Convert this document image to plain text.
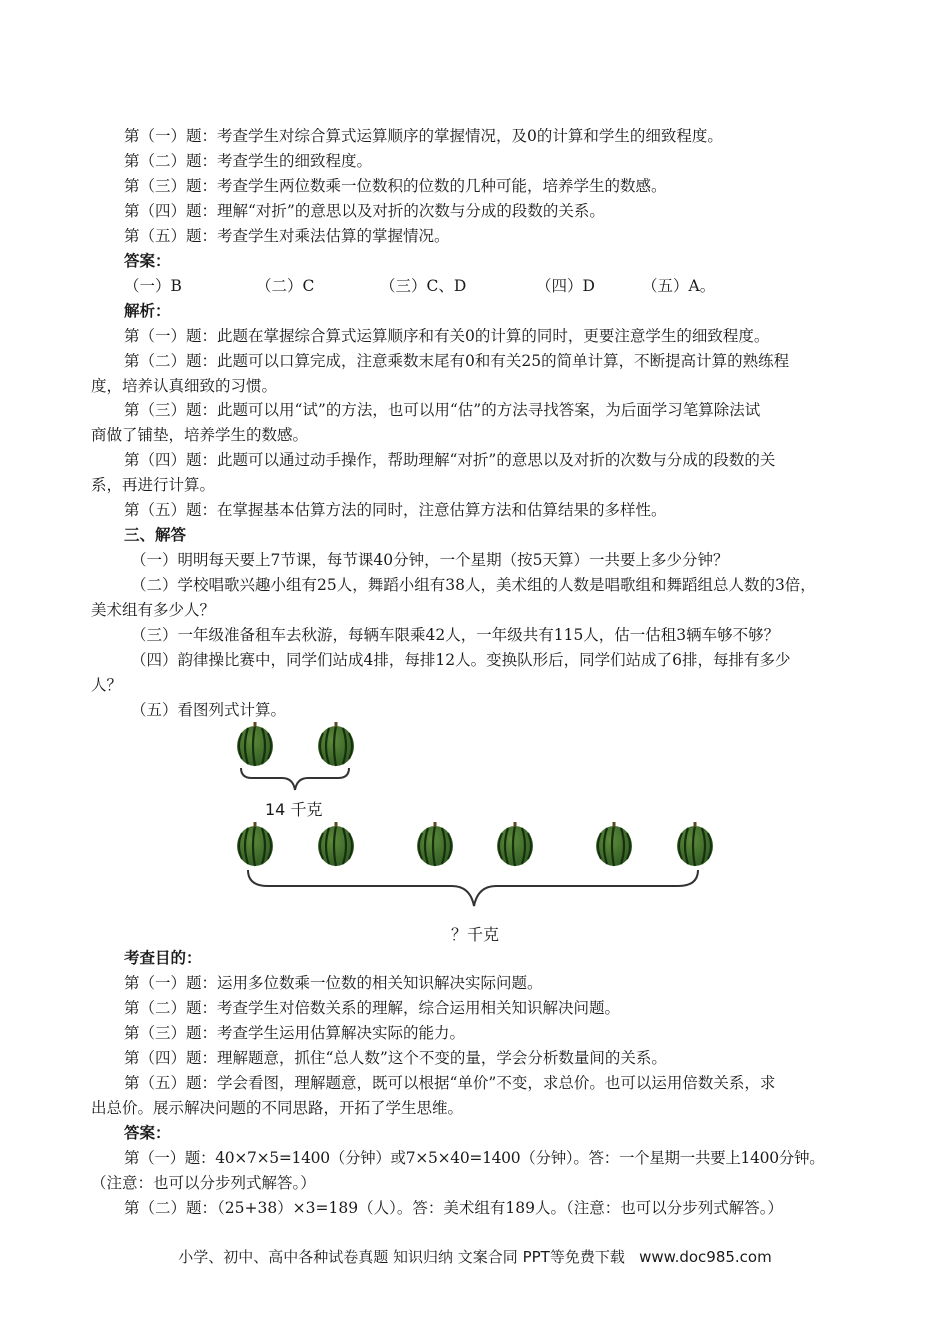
第（一）题：考查学生对综合算式运算顺序的掌握情况，及0的计算和学生的细致程度。
第（二）题：考查学生的细致程度。
第（三）题：考查学生两位数乘一位数积的位数的几种可能，培养学生的数感。
第（四）题：理解“对折”的意思以及对折的次数与分成的段数的关系。
第（五）题：考查学生对乘法估算的掌握情况。
答案：
（一）B	（二）C	（三）C、D	（四）D	（五）A。
解析：
第（一）题：此题在掌握综合算式运算顺序和有关0的计算的同时，更要注意学生的细致程度。
第（二）题：此题可以口算完成，注意乘数末尾有0和有关25的简单计算，不断提高计算的熟练程
度，培养认真细致的习惯。
第（三）题：此题可以用“试”的方法，也可以用“估”的方法寻找答案，为后面学习笔算除法试
商做了铺垫，培养学生的数感。
第（四）题：此题可以通过动手操作，帮助理解“对折”的意思以及对折的次数与分成的段数的关
系，再进行计算。
第（五）题：在掌握基本估算方法的同时，注意估算方法和估算结果的多样性。
三、解答
（一）明明每天要上7节课，每节课40分钟，一个星期（按5天算）一共要上多少分钟？
（二）学校唱歌兴趣小组有25人，舞蹈小组有38人，美术组的人数是唱歌组和舞蹈组总人数的3倍，
美术组有多少人？
（三）一年级准备租车去秋游，每辆车限乘42人，一年级共有115人，估一估租3辆车够不够？
（四）韵律操比赛中，同学们站成4排，每排12人。变换队形后，同学们站成了6排，每排有多少
人？
（五）看图列式计算。
14 千克
？千克
考查目的：
第（一）题：运用多位数乘一位数的相关知识解决实际问题。
第（二）题：考查学生对倍数关系的理解，综合运用相关知识解决问题。
第（三）题：考查学生运用估算解决实际的能力。
第（四）题：理解题意，抓住“总人数”这个不变的量，学会分析数量间的关系。
第（五）题：学会看图，理解题意，既可以根据“单价”不变，求总价。也可以运用倍数关系，求
出总价。展示解决问题的不同思路，开拓了学生思维。
答案：
第（一）题：40×7×5=1400（分钟）或7×5×40=1400（分钟）。答：一个星期一共要上1400分钟。
（注意：也可以分步列式解答。）
第（二）题：（25+38）×3=189（人）。答：美术组有189人。（注意：也可以分步列式解答。）
小学、初中、高中各种试卷真题 知识归纳 文案合同 PPT等免费下载 www.doc985.com
